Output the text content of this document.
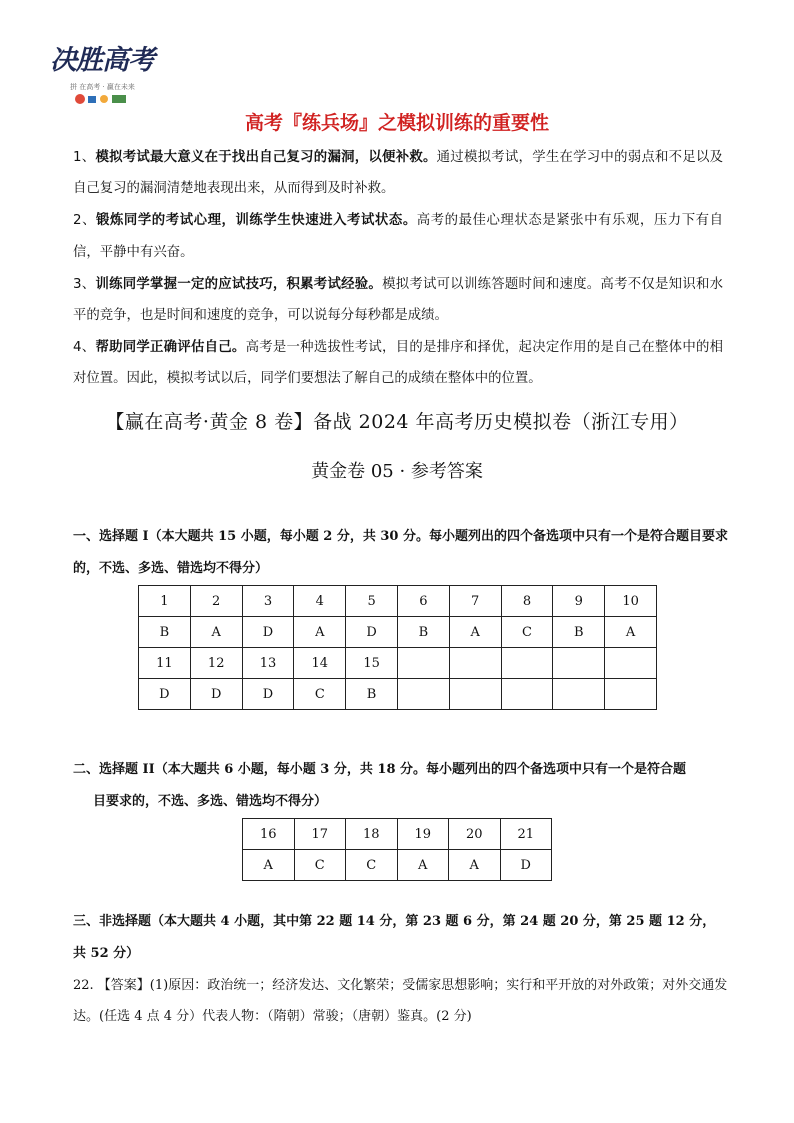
决胜高考
拼 在高考 · 赢在未来
高考『练兵场』之模拟训练的重要性

1、模拟考试最大意义在于找出自己复习的漏洞，以便补救。通过模拟考试，学生在学习中的弱点和不足以及自己复习的漏洞清楚地表现出来，从而得到及时补救。

2、锻炼同学的考试心理，训练学生快速进入考试状态。高考的最佳心理状态是紧张中有乐观，压力下有自信，平静中有兴奋。

3、训练同学掌握一定的应试技巧，积累考试经验。模拟考试可以训练答题时间和速度。高考不仅是知识和水平的竞争，也是时间和速度的竞争，可以说每分每秒都是成绩。

4、帮助同学正确评估自己。高考是一种选拔性考试，目的是排序和择优，起决定作用的是自己在整体中的相对位置。因此，模拟考试以后，同学们要想法了解自己的成绩在整体中的位置。

【赢在高考·黄金 8 卷】备战 2024 年高考历史模拟卷（浙江专用）
黄金卷 05 · 参考答案
一、选择题 I（本大题共 15 小题，每小题 2 分，共 30 分。每小题列出的四个备选项中只有一个是符合题目要求的，不选、多选、错选均不得分）
1	2	3	4	5	6	7	8	9	10
B	A	D	A	D	B	A	C	B	A
11	12	13	14	15					
D	D	D	C	B					
二、选择题 II（本大题共 6 小题，每小题 3 分，共 18 分。每小题列出的四个备选项中只有一个是符合题
目要求的，不选、多选、错选均不得分）
16	17	18	19	20	21
A	C	C	A	A	D
三、非选择题（本大题共 4 小题，其中第 22 题 14 分，第 23 题 6 分，第 24 题 20 分，第 25 题 12 分，共 52 分）
22. 【答案】(1)原因：政治统一；经济发达、文化繁荣；受儒家思想影响；实行和平开放的对外政策；对外交通发达。(任选 4 点 4 分）代表人物：（隋朝）常骏；（唐朝）鉴真。(2 分)
